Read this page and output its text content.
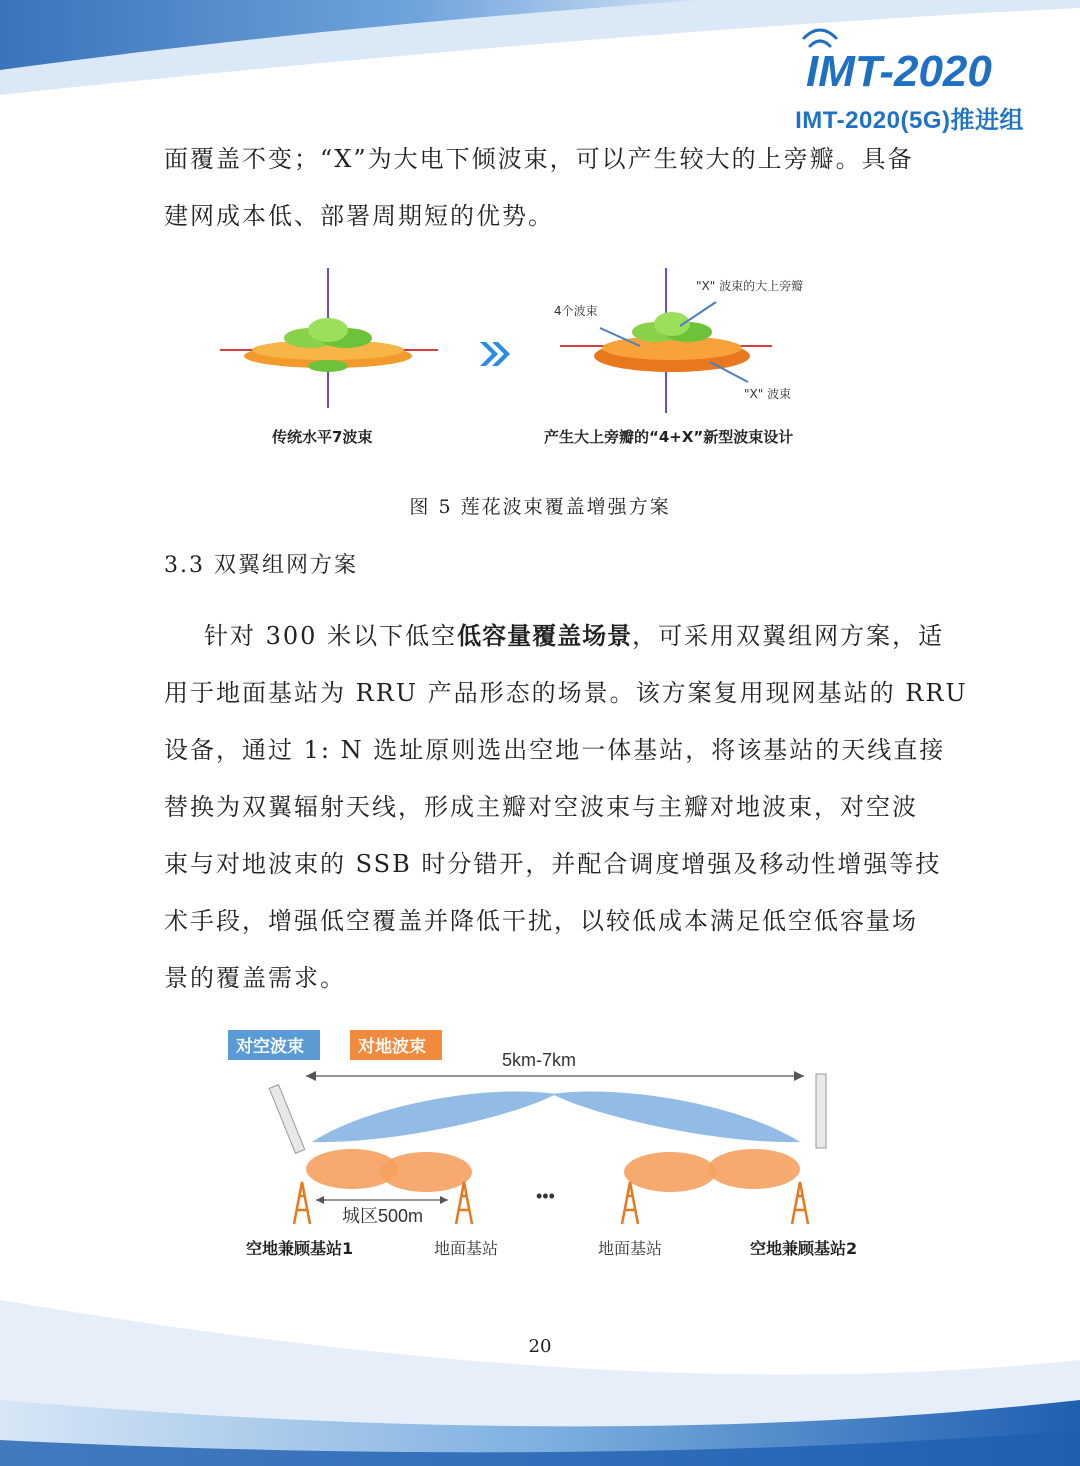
IMT-2020
IMT-2020(5G)推进组
面覆盖不变；“X”为大电下倾波束，可以产生较大的上旁瓣。具备
建网成本低、部署周期短的优势。
"X" 波束的大上旁瓣
4个波束
"X" 波束
传统水平7波束	产生大上旁瓣的“4+X”新型波束设计
图 5 莲花波束覆盖增强方案
3.3 双翼组网方案
针对 300 米以下低空低容量覆盖场景，可采用双翼组网方案，适
用于地面基站为 RRU 产品形态的场景。该方案复用现网基站的 RRU
设备，通过 1: N 选址原则选出空地一体基站，将该基站的天线直接
替换为双翼辐射天线，形成主瓣对空波束与主瓣对地波束，对空波
束与对地波束的 SSB 时分错开，并配合调度增强及移动性增强等技
术手段，增强低空覆盖并降低干扰，以较低成本满足低空低容量场
景的覆盖需求。
对空波束	对地波束
5km-7km
城区500m
•••
空地兼顾基站1	地面基站	地面基站	空地兼顾基站2
20
